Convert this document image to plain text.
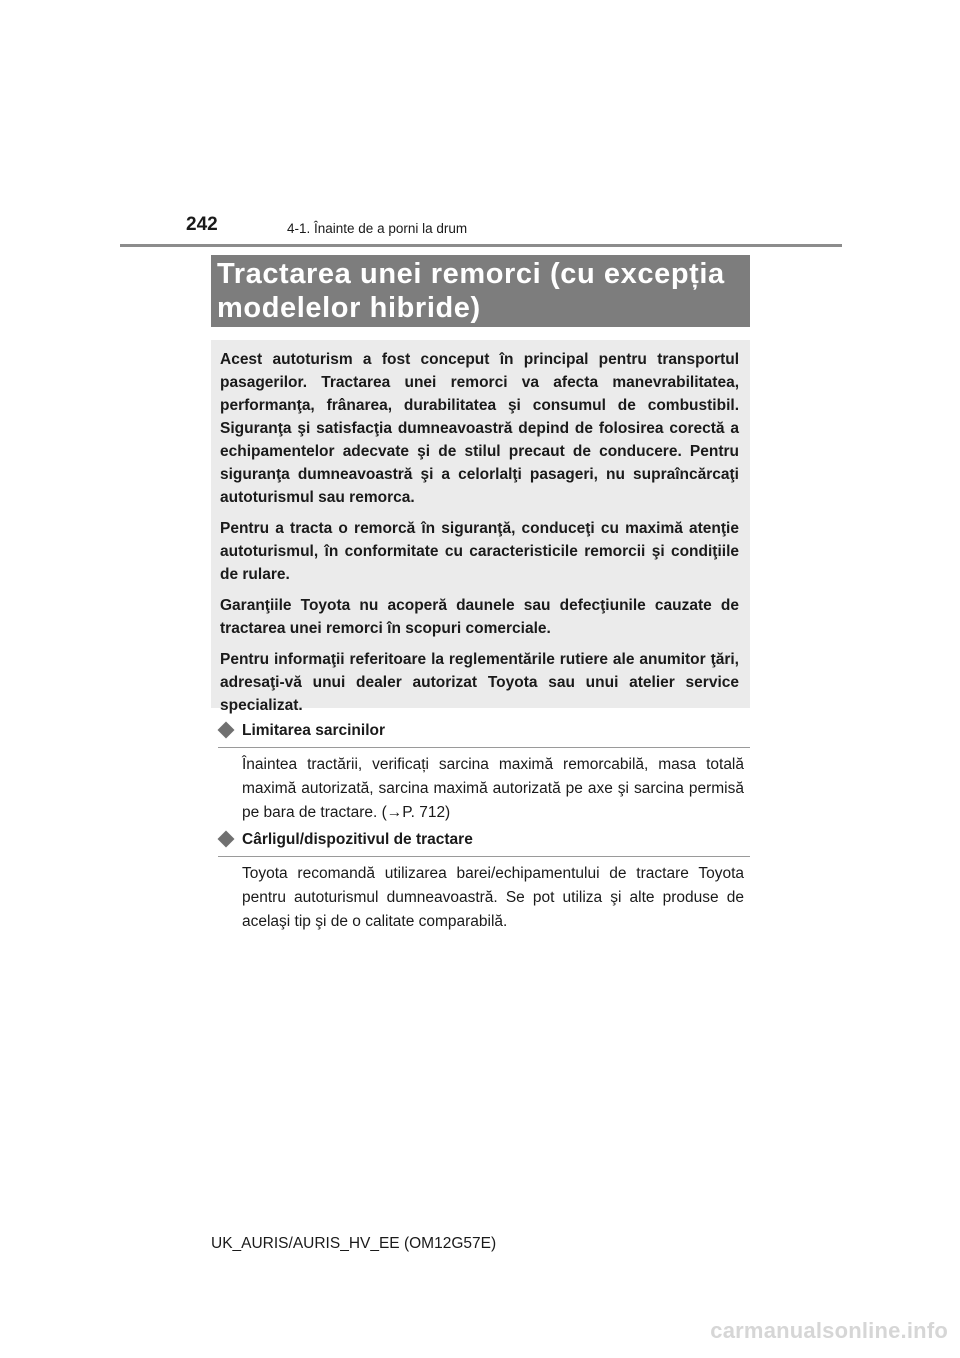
242	4-1. Înainte de a porni la drum
Tractarea unei remorci (cu excepția modelelor hibride)

Acest autoturism a fost conceput în principal pentru transportul pasagerilor. Tractarea unei remorci va afecta manevrabilitatea, performanţa, frânarea, durabilitatea şi consumul de combustibil. Siguranţa şi satisfacţia dumneavoastră depind de folosirea corectă a echipamentelor adecvate şi de stilul precaut de conducere. Pentru siguranţa dumneavoastră şi a celorlalţi pasageri, nu supraîncărcaţi autoturismul sau remorca.

Pentru a tracta o remorcă în siguranţă, conduceţi cu maximă atenţie autoturismul, în conformitate cu caracteristicile remorcii şi condiţiile de rulare.

Garanţiile Toyota nu acoperă daunele sau defecţiunile cauzate de tractarea unei remorci în scopuri comerciale.

Pentru informaţii referitoare la reglementările rutiere ale anumitor ţări, adresaţi-vă unui dealer autorizat Toyota sau unui atelier service specializat.

Limitarea sarcinilor

Înaintea tractării, verificați sarcina maximă remorcabilă, masa totală maximă autorizată, sarcina maximă autorizată pe axe şi sarcina permisă pe bara de tractare. (→P. 712)

Cârligul/dispozitivul de tractare

Toyota recomandă utilizarea barei/echipamentului de tractare Toyota pentru autoturismul dumneavoastră. Se pot utiliza şi alte produse de acelaşi tip şi de o calitate comparabilă.

UK_AURIS/AURIS_HV_EE (OM12G57E)
carmanualsonline.info
